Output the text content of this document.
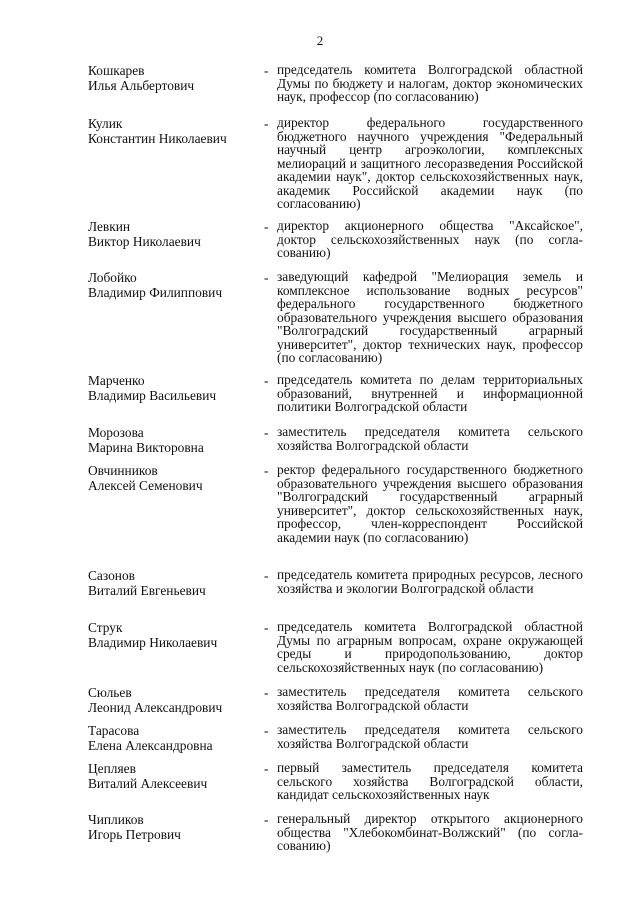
2
Кошкарев
Илья Альбертович
- председатель комитета Волгоградской областной Думы по бюджету и налогам, доктор экономических наук, профессор (по согласованию)
Кулик
Константин Николаевич
- директор федерального государственного бюджетного научного учреждения "Федеральный научный центр агроэкологии, комплексных мелиораций и защитного лесоразведения Российской академии наук", доктор сельскохозяйственных наук, академик Российской академии наук (по согласованию)
Левкин
Виктор Николаевич
- директор акционерного общества "Аксайское", доктор сельскохозяйственных наук (по согласованию)
Лобойко
Владимир Филиппович
- заведующий кафедрой "Мелиорация земель и комплексное использование водных ресурсов" федерального государственного бюджетного образовательного учреждения высшего образования "Волгоградский государственный аграрный университет", доктор технических наук, профессор (по согласованию)
Марченко
Владимир Васильевич
- председатель комитета по делам территориальных образований, внутренней и информационной политики Волгоградской области
Морозова
Марина Викторовна
- заместитель председателя комитета сельского хозяйства Волгоградской области
Овчинников
Алексей Семенович
- ректор федерального государственного бюджетного образовательного учреждения высшего образования "Волгоградский государственный аграрный университет", доктор сельскохозяйственных наук, профессор, член-корреспондент Российской академии наук (по согласованию)
Сазонов
Виталий Евгеньевич
- председатель комитета природных ресурсов, лесного хозяйства и экологии Волгоградской области
Струк
Владимир Николаевич
- председатель комитета Волгоградской областной Думы по аграрным вопросам, охране окружающей среды и природопользованию, доктор сельскохозяйственных наук (по согласованию)
Сюльев
Леонид Александрович
- заместитель председателя комитета сельского хозяйства Волгоградской области
Тарасова
Елена Александровна
- заместитель председателя комитета сельского хозяйства Волгоградской области
Цепляев
Виталий Алексеевич
- первый заместитель председателя комитета сельского хозяйства Волгоградской области, кандидат сельскохозяйственных наук
Чипликов
Игорь Петрович
- генеральный директор открытого акционерного общества "Хлебокомбинат-Волжский" (по согласованию)
